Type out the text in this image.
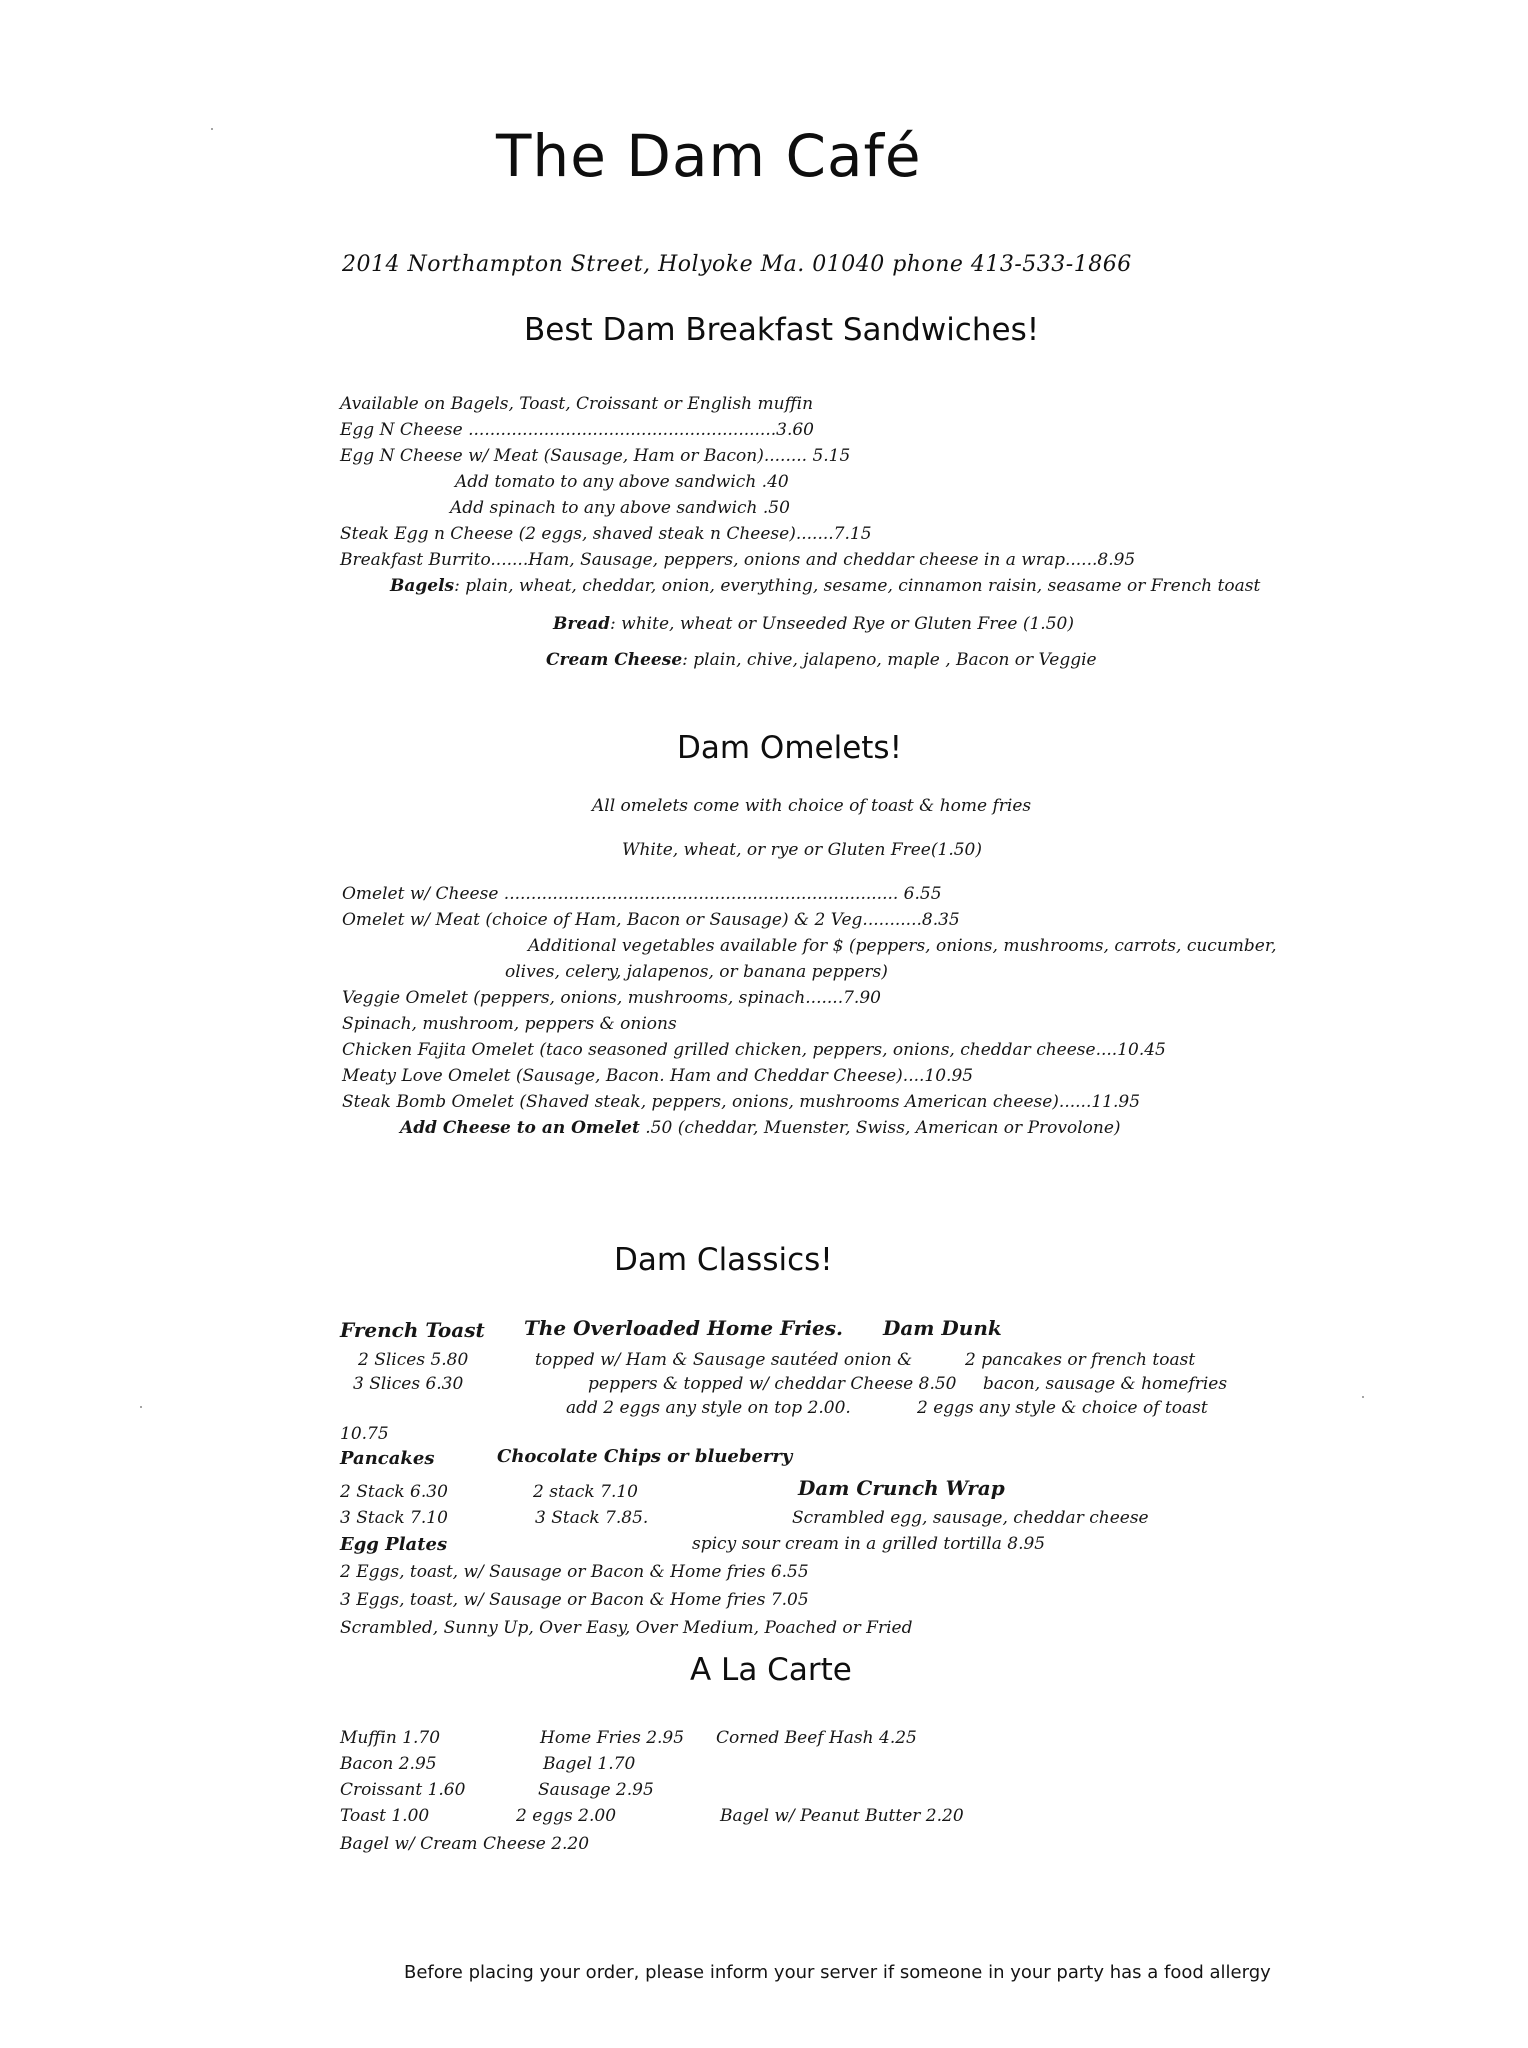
The Dam Café
2014 Northampton Street, Holyoke Ma. 01040 phone 413-533-1866
Best Dam Breakfast Sandwiches!
Available on Bagels, Toast, Croissant or English muffin
Egg N Cheese .........................................................3.60
Egg N Cheese w/ Meat (Sausage, Ham or Bacon)........ 5.15
Add tomato to any above sandwich .40
Add spinach to any above sandwich .50
Steak Egg n Cheese (2 eggs, shaved steak n Cheese).......7.15
Breakfast Burrito.......Ham, Sausage, peppers, onions and cheddar cheese in a wrap......8.95
Bagels: plain, wheat, cheddar, onion, everything, sesame, cinnamon raisin, seasame or French toast
Bread: white, wheat or Unseeded Rye or Gluten Free (1.50)
Cream Cheese: plain, chive, jalapeno, maple , Bacon or Veggie
Dam Omelets!
All omelets come with choice of toast & home fries
White, wheat, or rye or Gluten Free(1.50)
Omelet w/ Cheese ......................................................................... 6.55
Omelet w/ Meat (choice of Ham, Bacon or Sausage) & 2 Veg...........8.35
Additional vegetables available for $ (peppers, onions, mushrooms, carrots, cucumber,
olives, celery, jalapenos, or banana peppers)
Veggie Omelet (peppers, onions, mushrooms, spinach.......7.90
Spinach, mushroom, peppers & onions
Chicken Fajita Omelet (taco seasoned grilled chicken, peppers, onions, cheddar cheese....10.45
Meaty Love Omelet (Sausage, Bacon. Ham and Cheddar Cheese)....10.95
Steak Bomb Omelet (Shaved steak, peppers, onions, mushrooms American cheese)......11.95
Add Cheese to an Omelet .50 (cheddar, Muenster, Swiss, American or Provolone)
Dam Classics!
French Toast
2 Slices 5.80
3 Slices 6.30
The Overloaded Home Fries.
topped w/ Ham & Sausage sautéed onion &
peppers & topped w/ cheddar Cheese 8.50
add 2 eggs any style on top 2.00.
Dam Dunk
2 pancakes or french toast
bacon, sausage & homefries
2 eggs any style & choice of toast
10.75
Pancakes
2 Stack 6.30
3 Stack 7.10
Chocolate Chips or blueberry
2 stack 7.10
3 Stack 7.85.
Dam Crunch Wrap
Scrambled egg, sausage, cheddar cheese
spicy sour cream in a grilled tortilla 8.95
Egg Plates
2 Eggs, toast, w/ Sausage or Bacon & Home fries 6.55
3 Eggs, toast, w/ Sausage or Bacon & Home fries 7.05
Scrambled, Sunny Up, Over Easy, Over Medium, Poached or Fried
A La Carte
Muffin 1.70
Bacon 2.95
Croissant 1.60
Toast 1.00
Bagel w/ Cream Cheese 2.20
Home Fries 2.95
Bagel 1.70
Sausage 2.95
2 eggs 2.00
Corned Beef Hash 4.25
Bagel w/ Peanut Butter 2.20
Before placing your order, please inform your server if someone in your party has a food allergy
